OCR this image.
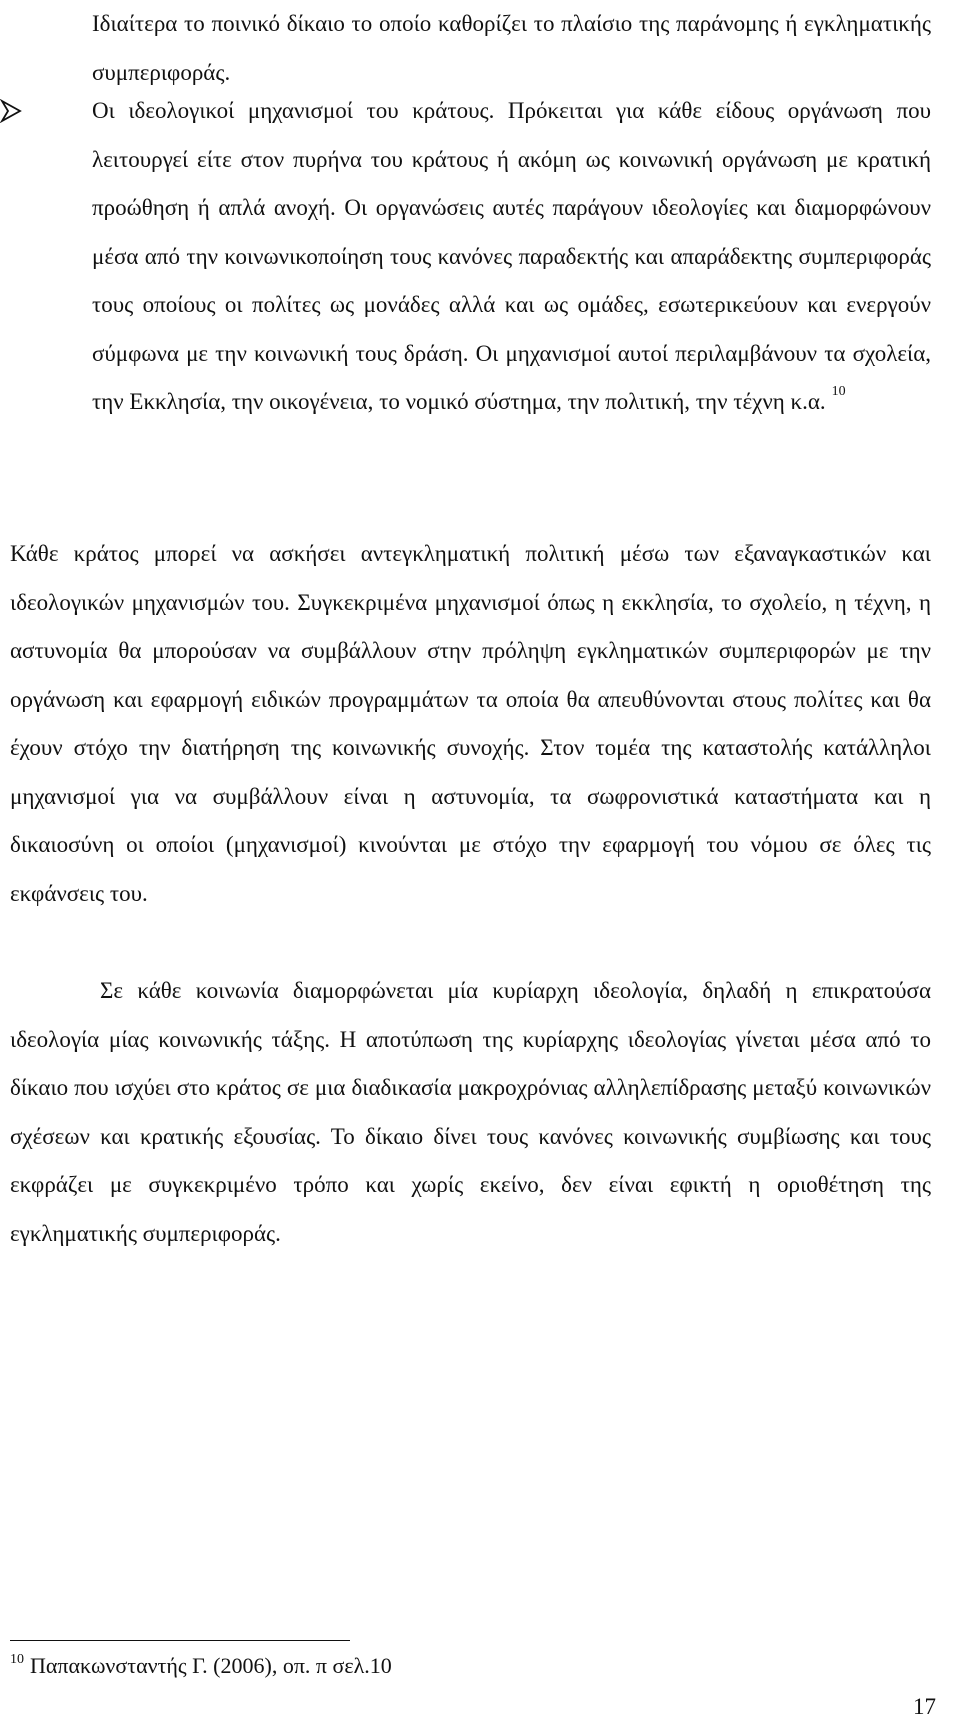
Ιδιαίτερα το ποινικό δίκαιο το οποίο καθορίζει το πλαίσιο της παράνομης ή εγκληματικής συμπεριφοράς.
Οι ιδεολογικοί μηχανισμοί του κράτους. Πρόκειται για κάθε είδους οργάνωση που λειτουργεί είτε στον πυρήνα του κράτους ή ακόμη ως κοινωνική οργάνωση με κρατική προώθηση ή απλά ανοχή. Οι οργανώσεις αυτές παράγουν ιδεολογίες και διαμορφώνουν μέσα από την κοινωνικοποίηση τους κανόνες παραδεκτής και απαράδεκτης συμπεριφοράς τους οποίους οι πολίτες ως μονάδες αλλά και ως ομάδες, εσωτερικεύουν και ενεργούν σύμφωνα με την κοινωνική τους δράση. Οι μηχανισμοί αυτοί περιλαμβάνουν τα σχολεία, την Εκκλησία, την οικογένεια, το νομικό σύστημα, την πολιτική, την τέχνη κ.α. $^{10}$
Κάθε κράτος μπορεί να ασκήσει αντεγκληματική πολιτική μέσω των εξαναγκαστικών και ιδεολογικών μηχανισμών του. Συγκεκριμένα μηχανισμοί όπως η εκκλησία, το σχολείο, η τέχνη, η αστυνομία θα μπορούσαν να συμβάλλουν στην πρόληψη εγκληματικών συμπεριφορών με την οργάνωση και εφαρμογή ειδικών προγραμμάτων τα οποία θα απευθύνονται στους πολίτες και θα έχουν στόχο την διατήρηση της κοινωνικής συνοχής. Στον τομέα της καταστολής κατάλληλοι μηχανισμοί για να συμβάλλουν είναι η αστυνομία, τα σωφρονιστικά καταστήματα και η δικαιοσύνη οι οποίοι (μηχανισμοί) κινούνται με στόχο την εφαρμογή του νόμου σε όλες τις εκφάνσεις του.
Σε κάθε κοινωνία διαμορφώνεται μία κυρίαρχη ιδεολογία, δηλαδή η επικρατούσα ιδεολογία μίας κοινωνικής τάξης. Η αποτύπωση της κυρίαρχης ιδεολογίας γίνεται μέσα από το δίκαιο που ισχύει στο κράτος σε μια διαδικασία μακροχρόνιας αλληλεπίδρασης μεταξύ κοινωνικών σχέσεων και κρατικής εξουσίας. Το δίκαιο δίνει τους κανόνες κοινωνικής συμβίωσης και τους εκφράζει με συγκεκριμένο τρόπο και χωρίς εκείνο, δεν είναι εφικτή η οριοθέτηση της εγκληματικής συμπεριφοράς.
$^{10}$ Παπακωνσταντής Γ. (2006), οπ. π σελ.10
17
